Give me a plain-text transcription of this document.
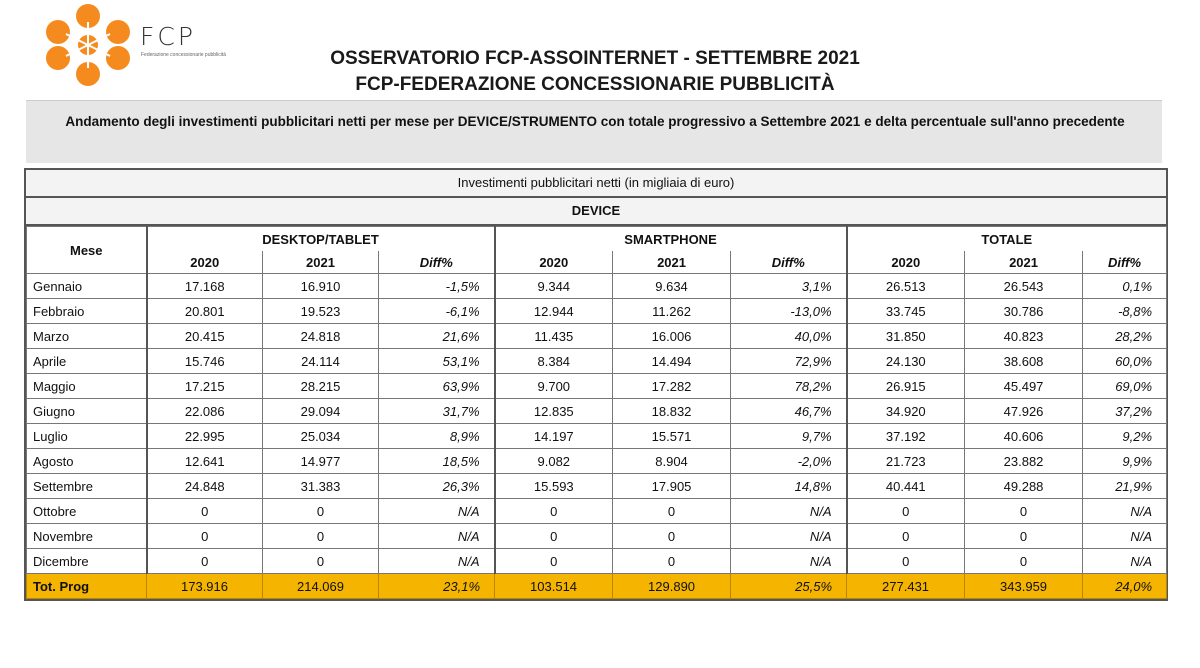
FCP
Federazione concessionarie pubblicità	OSSERVATORIO FCP-ASSOINTERNET - SETTEMBRE 2021
FCP-FEDERAZIONE CONCESSIONARIE PUBBLICITÀ
Andamento degli investimenti pubblicitari netti per mese per DEVICE/STRUMENTO con totale progressivo a Settembre 2021 e delta percentuale sull'anno precedente
Investimenti pubblicitari netti (in migliaia di euro)
DEVICE
Mese	DESKTOP/TABLET			SMARTPHONE			TOTALE		
	2020	2021	Diff%	2020	2021	Diff%	2020	2021	Diff%
Gennaio	17.168	16.910	-1,5%	9.344	9.634	3,1%	26.513	26.543	0,1%
Febbraio	20.801	19.523	-6,1%	12.944	11.262	-13,0%	33.745	30.786	-8,8%
Marzo	20.415	24.818	21,6%	11.435	16.006	40,0%	31.850	40.823	28,2%
Aprile	15.746	24.114	53,1%	8.384	14.494	72,9%	24.130	38.608	60,0%
Maggio	17.215	28.215	63,9%	9.700	17.282	78,2%	26.915	45.497	69,0%
Giugno	22.086	29.094	31,7%	12.835	18.832	46,7%	34.920	47.926	37,2%
Luglio	22.995	25.034	8,9%	14.197	15.571	9,7%	37.192	40.606	9,2%
Agosto	12.641	14.977	18,5%	9.082	8.904	-2,0%	21.723	23.882	9,9%
Settembre	24.848	31.383	26,3%	15.593	17.905	14,8%	40.441	49.288	21,9%
Ottobre	0	0	N/A	0	0	N/A	0	0	N/A
Novembre	0	0	N/A	0	0	N/A	0	0	N/A
Dicembre	0	0	N/A	0	0	N/A	0	0	N/A
Tot. Prog	173.916	214.069	23,1%	103.514	129.890	25,5%	277.431	343.959	24,0%
